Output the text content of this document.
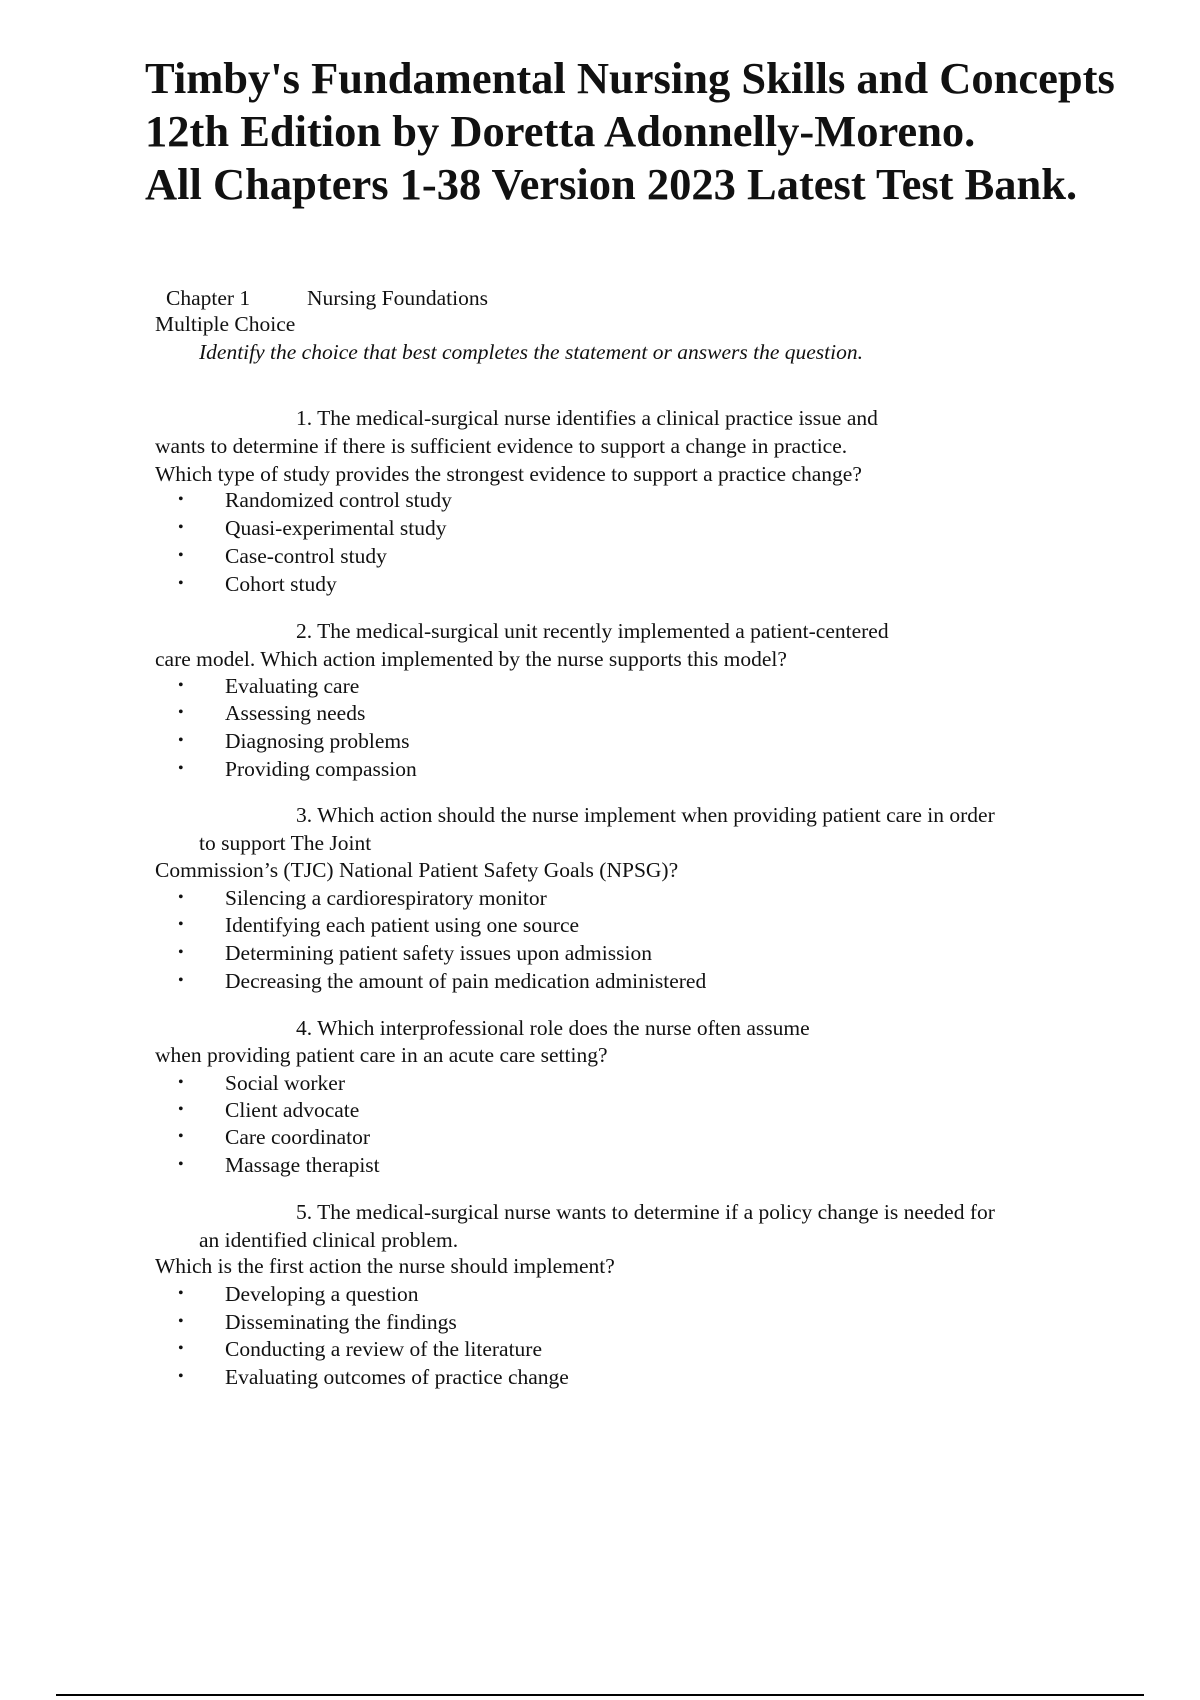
Timby's Fundamental Nursing Skills and Concepts
12th Edition by Doretta Adonnelly-Moreno.
All Chapters 1-38 Version 2023 Latest Test Bank.
Chapter 1	Nursing Foundations
Multiple Choice
Identify the choice that best completes the statement or answers the question.
1. The medical-surgical nurse identifies a clinical practice issue and
wants to determine if there is sufficient evidence to support a change in practice.
Which type of study provides the strongest evidence to support a practice change?
• Randomized control study
• Quasi-experimental study
• Case-control study
• Cohort study
2. The medical-surgical unit recently implemented a patient-centered
care model. Which action implemented by the nurse supports this model?
• Evaluating care
• Assessing needs
• Diagnosing problems
• Providing compassion
3. Which action should the nurse implement when providing patient care in order
to support The Joint
Commission’s (TJC) National Patient Safety Goals (NPSG)?
• Silencing a cardiorespiratory monitor
• Identifying each patient using one source
• Determining patient safety issues upon admission
• Decreasing the amount of pain medication administered
4. Which interprofessional role does the nurse often assume
when providing patient care in an acute care setting?
• Social worker
• Client advocate
• Care coordinator
• Massage therapist
5. The medical-surgical nurse wants to determine if a policy change is needed for
an identified clinical problem.
Which is the first action the nurse should implement?
• Developing a question
• Disseminating the findings
• Conducting a review of the literature
• Evaluating outcomes of practice change
